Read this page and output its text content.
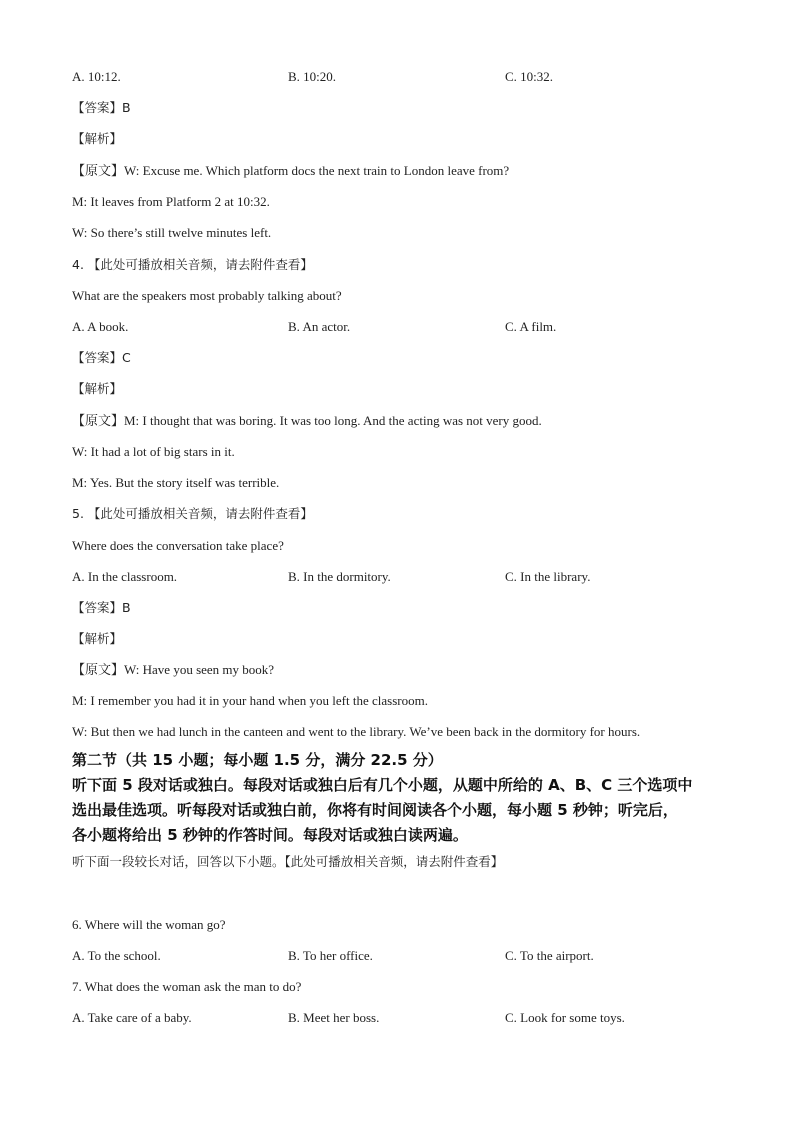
A. 10:12.	B. 10:20.	C. 10:32.
【答案】B
【解析】
【原文】W: Excuse me. Which platform docs the next train to London leave from?
M: It leaves from Platform 2 at 10:32.
W: So there’s still twelve minutes left.
4. 【此处可播放相关音频，请去附件查看】
What are the speakers most probably talking about?
A. A book.	B. An actor.	C. A film.
【答案】C
【解析】
【原文】M: I thought that was boring. It was too long. And the acting was not very good.
W: It had a lot of big stars in it.
M: Yes. But the story itself was terrible.
5. 【此处可播放相关音频，请去附件查看】
Where does the conversation take place?
A. In the classroom.	B. In the dormitory.	C. In the library.
【答案】B
【解析】
【原文】W: Have you seen my book?
M: I remember you had it in your hand when you left the classroom.
W: But then we had lunch in the canteen and went to the library. We’ve been back in the dormitory for hours.
第二节（共 15 小题；每小题 1.5 分，满分 22.5 分）
听下面 5 段对话或独白。每段对话或独白后有几个小题，从题中所给的 A、B、C 三个选项中
选出最佳选项。听每段对话或独白前，你将有时间阅读各个小题，每小题 5 秒钟；听完后，
各小题将给出 5 秒钟的作答时间。每段对话或独白读两遍。
听下面一段较长对话，回答以下小题。【此处可播放相关音频，请去附件查看】
6. Where will the woman go?
A. To the school.	B. To her office.	C. To the airport.
7. What does the woman ask the man to do?
A. Take care of a baby.	B. Meet her boss.	C. Look for some toys.
